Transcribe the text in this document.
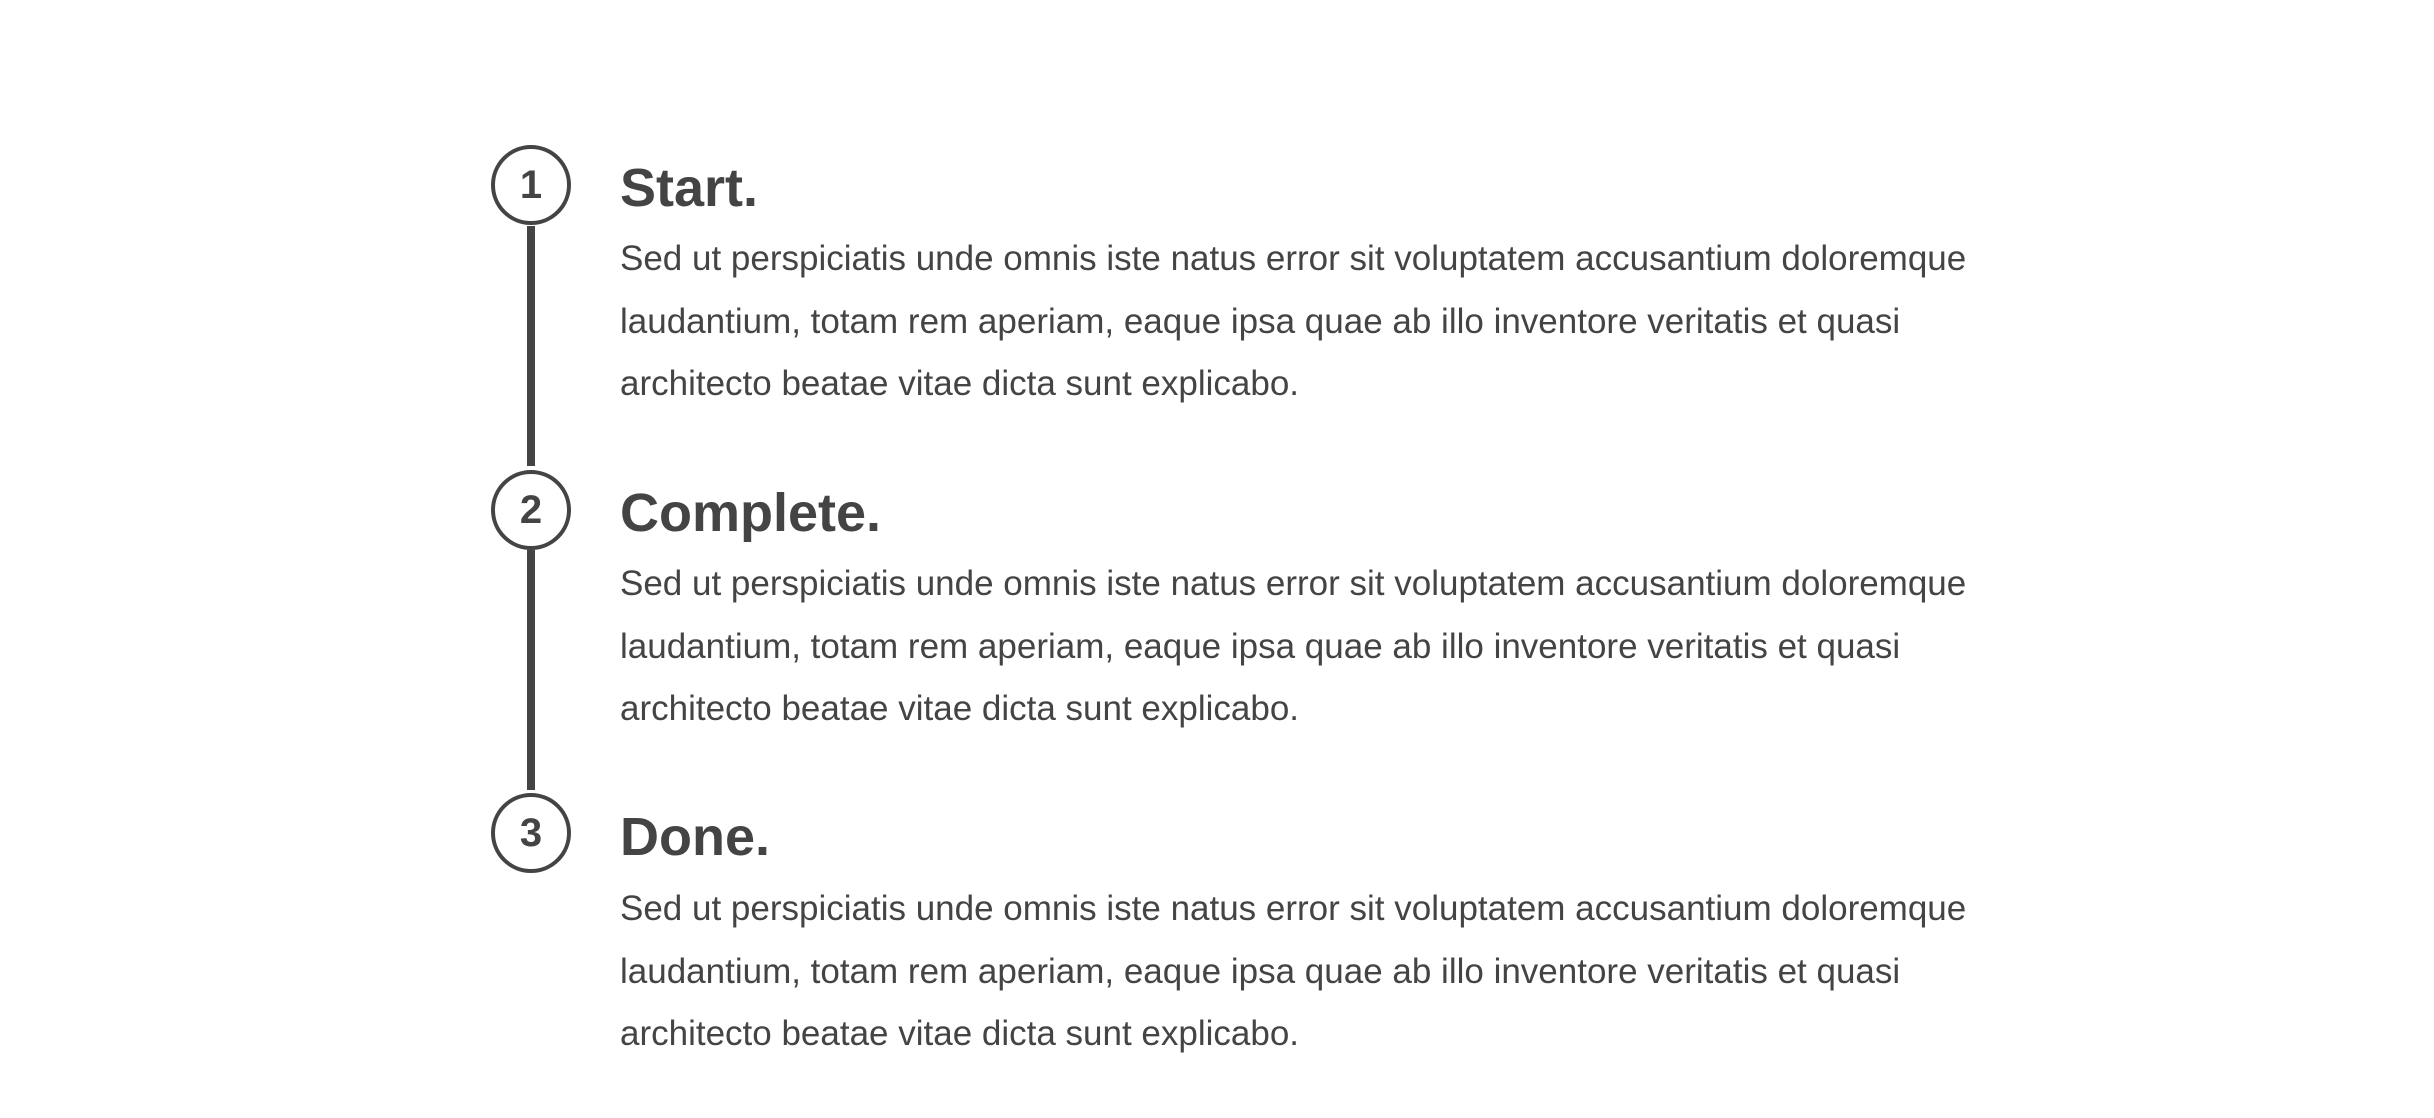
1 Start.

Sed ut perspiciatis unde omnis iste natus error sit voluptatem accusantium doloremque
laudantium, totam rem aperiam, eaque ipsa quae ab illo inventore veritatis et quasi
architecto beatae vitae dicta sunt explicabo.

2 Complete.

Sed ut perspiciatis unde omnis iste natus error sit voluptatem accusantium doloremque
laudantium, totam rem aperiam, eaque ipsa quae ab illo inventore veritatis et quasi
architecto beatae vitae dicta sunt explicabo.

3 Done.

Sed ut perspiciatis unde omnis iste natus error sit voluptatem accusantium doloremque
laudantium, totam rem aperiam, eaque ipsa quae ab illo inventore veritatis et quasi
architecto beatae vitae dicta sunt explicabo.
